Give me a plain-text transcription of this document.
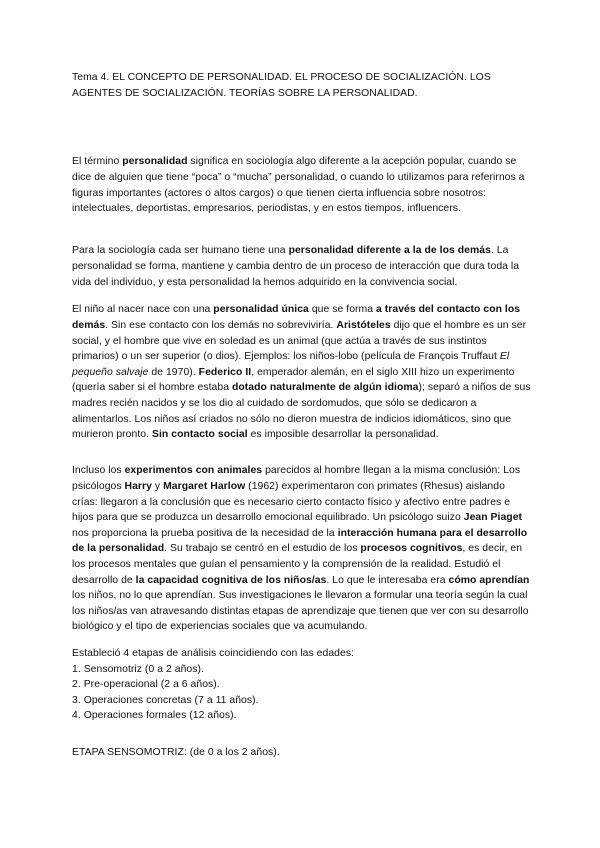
Tema 4. EL CONCEPTO DE PERSONALIDAD. EL PROCESO DE SOCIALIZACIÓN. LOS AGENTES DE SOCIALIZACIÓN. TEORÍAS SOBRE LA PERSONALIDAD.

El término personalidad significa en sociología algo diferente a la acepción popular, cuando se dice de alguien que tiene “poca” o “mucha” personalidad, o cuando lo utilizamos para referirnos a figuras importantes (actores o altos cargos) o que tienen cierta influencia sobre nosotros: intelectuales, deportistas, empresarios, periodistas, y en estos tiempos, influencers.

Para la sociología cada ser humano tiene una personalidad diferente a la de los demás. La personalidad se forma, mantiene y cambia dentro de un proceso de interacción que dura toda la vida del individuo, y esta personalidad la hemos adquirido en la convivencia social.

El niño al nacer nace con una personalidad única que se forma a través del contacto con los demás. Sin ese contacto con los demás no sobreviviría. Aristóteles dijo que el hombre es un ser social, y el hombre que vive en soledad es un animal (que actúa a través de sus instintos primarios) o un ser superior (o dios). Ejemplos: los niños-lobo (película de François Truffaut El pequeño salvaje de 1970). Federico II, emperador alemán, en el siglo XIII hizo un experimento (quería saber si el hombre estaba dotado naturalmente de algún idioma); separó a niños de sus madres recién nacidos y se los dio al cuidado de sordomudos, que sólo se dedicaron a alimentarlos. Los niños así criados no sólo no dieron muestra de indicios idiomáticos, sino que murieron pronto. Sin contacto social es imposible desarrollar la personalidad.

Incluso los experimentos con animales parecidos al hombre llegan a la misma conclusión: Los psicólogos Harry y Margaret Harlow (1962) experimentaron con primates (Rhesus) aislando crías: llegaron a la conclusión que es necesario cierto contacto físico y afectivo entre padres e hijos para que se produzca un desarrollo emocional equilibrado. Un psicólogo suizo Jean Piaget nos proporciona la prueba positiva de la necesidad de la interacción humana para el desarrollo de la personalidad. Su trabajo se centró en el estudio de los procesos cognitivos, es decir, en los procesos mentales que guían el pensamiento y la comprensión de la realidad. Estudió el desarrollo de la capacidad cognitiva de los niños/as. Lo que le interesaba era cómo aprendían los niños, no lo que aprendían. Sus investigaciones le llevaron a formular una teoría según la cual los niños/as van atravesando distintas etapas de aprendizaje que tienen que ver con su desarrollo biológico y el tipo de experiencias sociales que va acumulando.

Estableció 4 etapas de análisis coincidiendo con las edades:
1. Sensomotriz (0 a 2 años).
2. Pre-operacional (2 a 6 años).
3. Operaciones concretas (7 a 11 años).
4. Operaciones formales (12 años).
ETAPA SENSOMOTRIZ: (de 0 a los 2 años).
